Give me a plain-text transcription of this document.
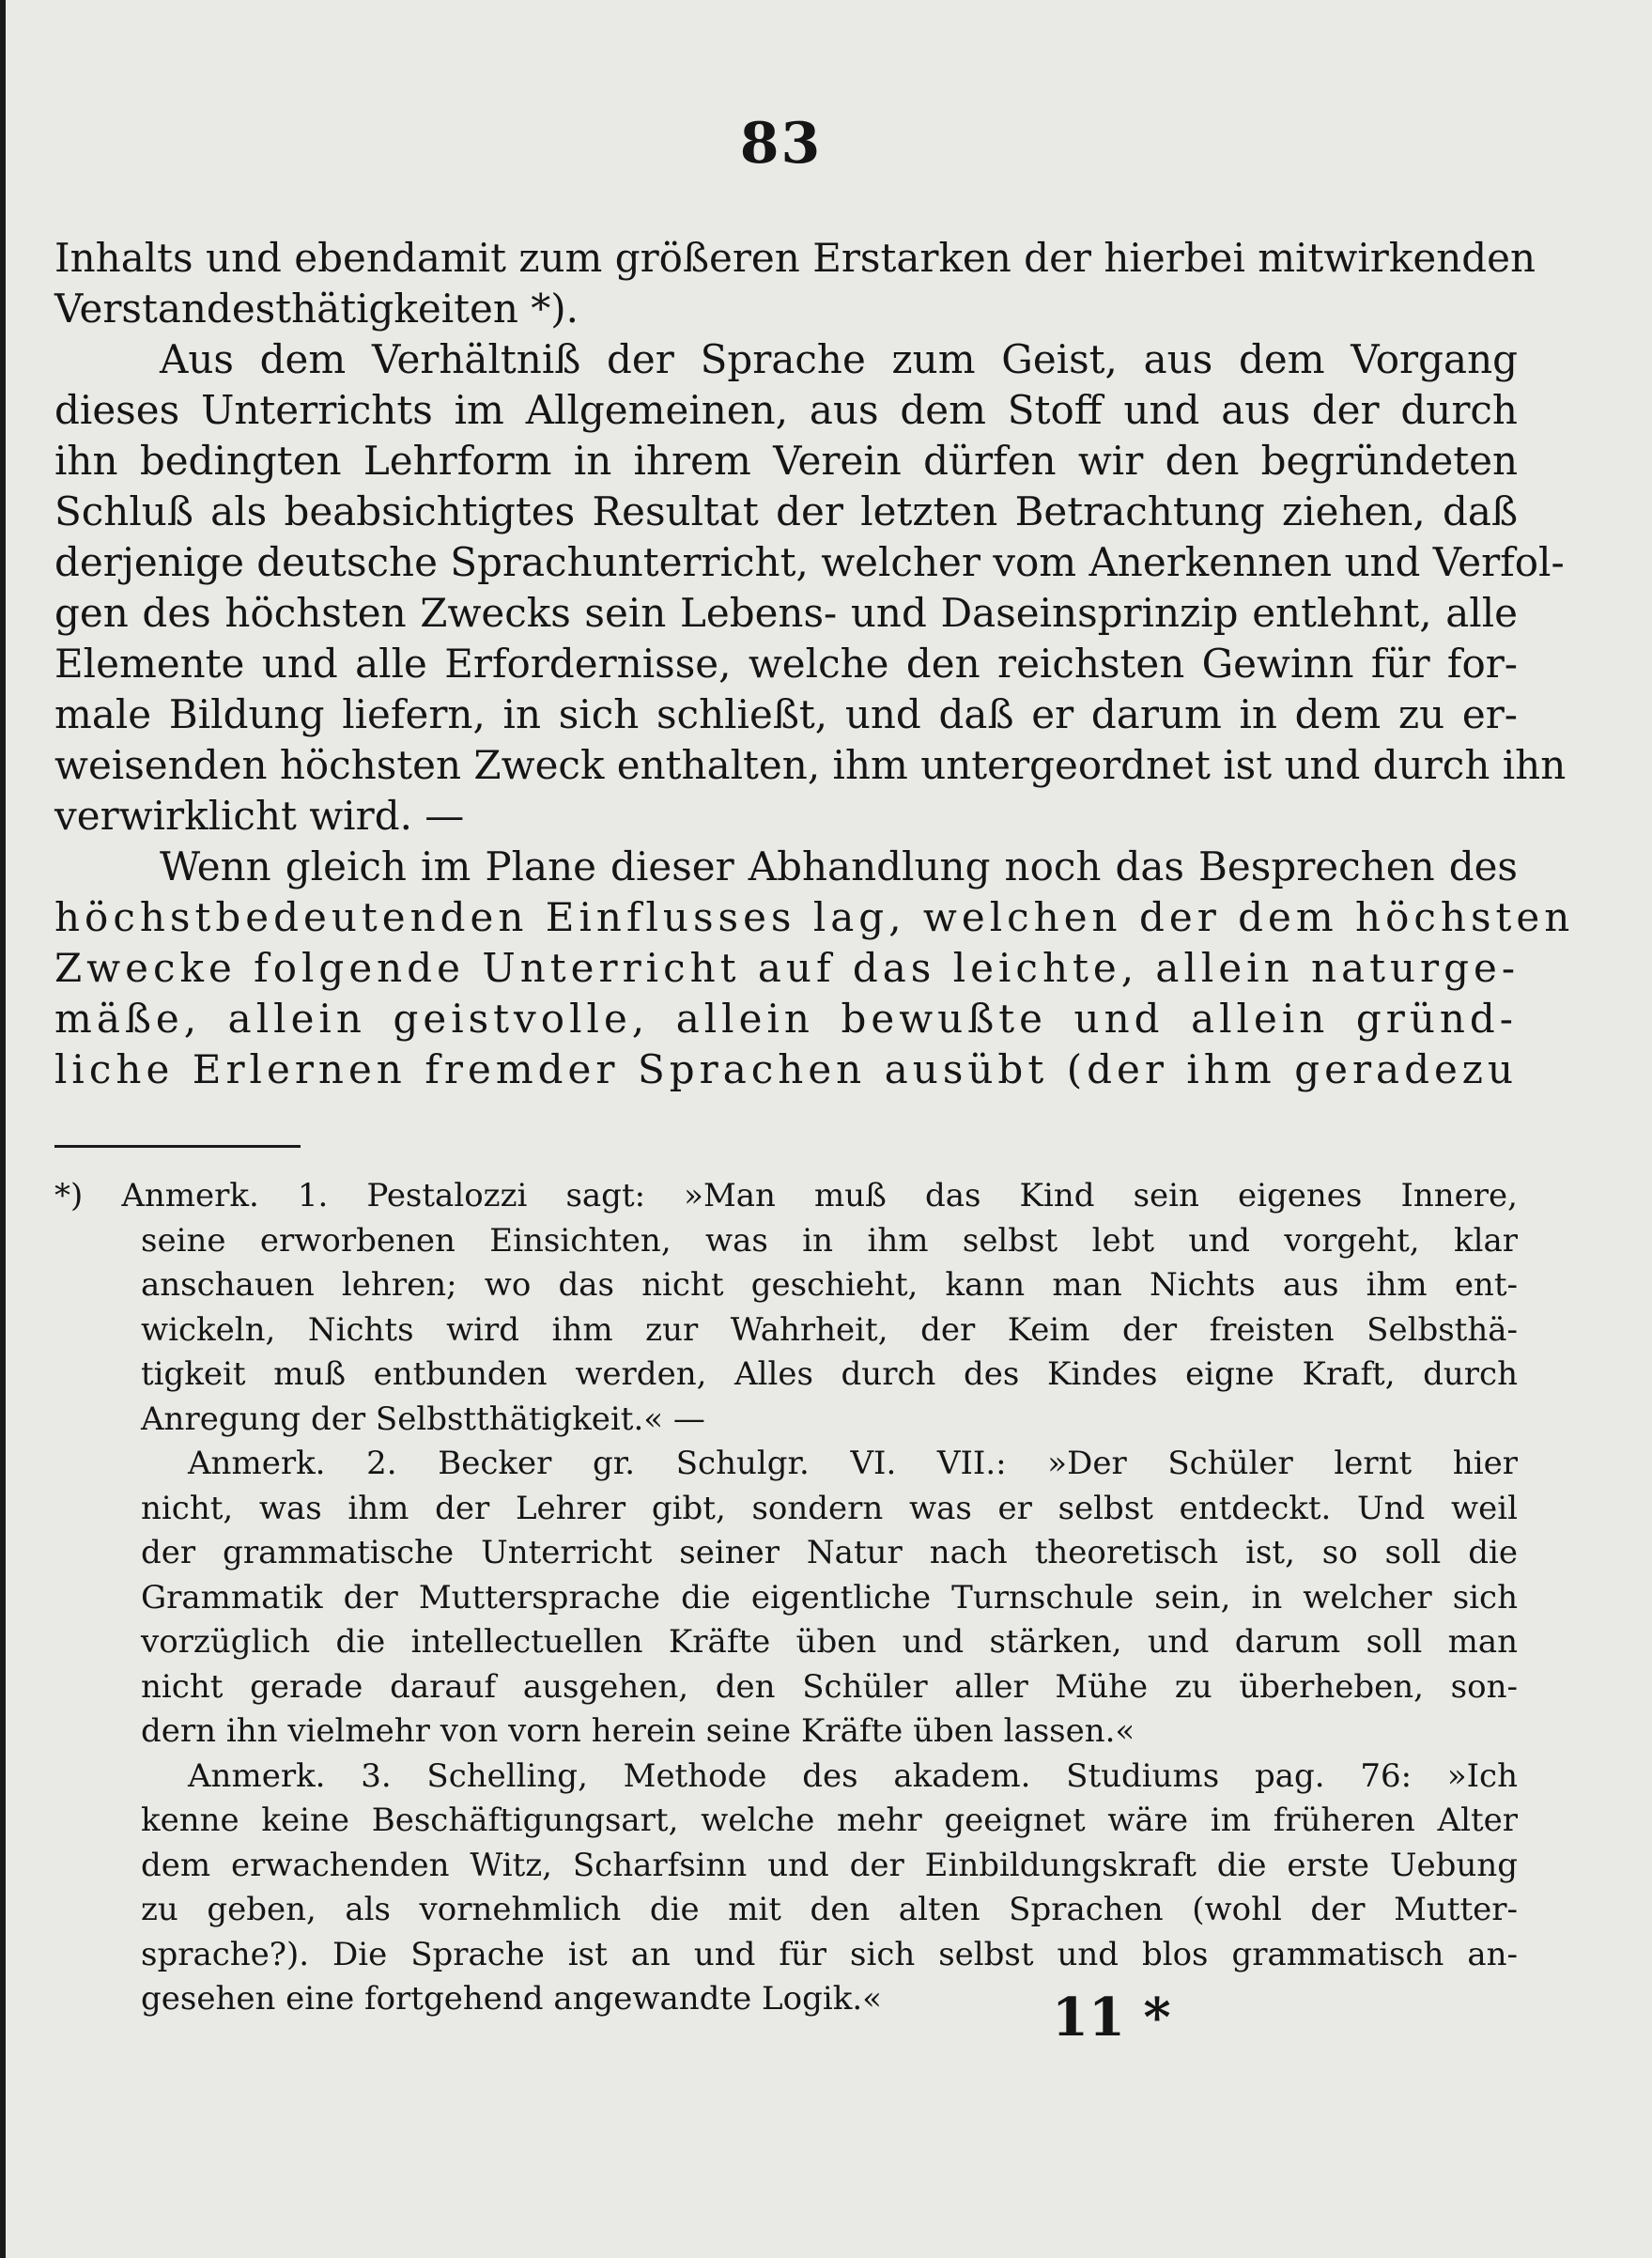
83
Inhalts und ebendamit zum größeren Erstarken der hierbei mitwirkenden
Verstandesthätigkeiten *).
Aus dem Verhältniß der Sprache zum Geist, aus dem Vorgang
dieses Unterrichts im Allgemeinen, aus dem Stoff und aus der durch
ihn bedingten Lehrform in ihrem Verein dürfen wir den begründeten
Schluß als beabsichtigtes Resultat der letzten Betrachtung ziehen, daß
derjenige deutsche Sprachunterricht, welcher vom Anerkennen und Verfol-
gen des höchsten Zwecks sein Lebens- und Daseinsprinzip entlehnt, alle
Elemente und alle Erfordernisse, welche den reichsten Gewinn für for-
male Bildung liefern, in sich schließt, und daß er darum in dem zu er-
weisenden höchsten Zweck enthalten, ihm untergeordnet ist und durch ihn
verwirklicht wird. —
Wenn gleich im Plane dieser Abhandlung noch das Besprechen des
höchstbedeutenden Einflusses lag, welchen der dem höchsten
Zwecke folgende Unterricht auf das leichte, allein naturge-
mäße, allein geistvolle, allein bewußte und allein gründ-
liche Erlernen fremder Sprachen ausübt (der ihm geradezu
*) Anmerk. 1. Pestalozzi sagt: »Man muß das Kind sein eigenes Innere,
seine erworbenen Einsichten, was in ihm selbst lebt und vorgeht, klar
anschauen lehren; wo das nicht geschieht, kann man Nichts aus ihm ent-
wickeln, Nichts wird ihm zur Wahrheit, der Keim der freisten Selbsthä-
tigkeit muß entbunden werden, Alles durch des Kindes eigne Kraft, durch
Anregung der Selbstthätigkeit.« —
Anmerk. 2. Becker gr. Schulgr. VI. VII.: »Der Schüler lernt hier
nicht, was ihm der Lehrer gibt, sondern was er selbst entdeckt. Und weil
der grammatische Unterricht seiner Natur nach theoretisch ist, so soll die
Grammatik der Muttersprache die eigentliche Turnschule sein, in welcher sich
vorzüglich die intellectuellen Kräfte üben und stärken, und darum soll man
nicht gerade darauf ausgehen, den Schüler aller Mühe zu überheben, son-
dern ihn vielmehr von vorn herein seine Kräfte üben lassen.«
Anmerk. 3. Schelling, Methode des akadem. Studiums pag. 76: »Ich
kenne keine Beschäftigungsart, welche mehr geeignet wäre im früheren Alter
dem erwachenden Witz, Scharfsinn und der Einbildungskraft die erste Uebung
zu geben, als vornehmlich die mit den alten Sprachen (wohl der Mutter-
sprache?). Die Sprache ist an und für sich selbst und blos grammatisch an-
gesehen eine fortgehend angewandte Logik.«	11 *
